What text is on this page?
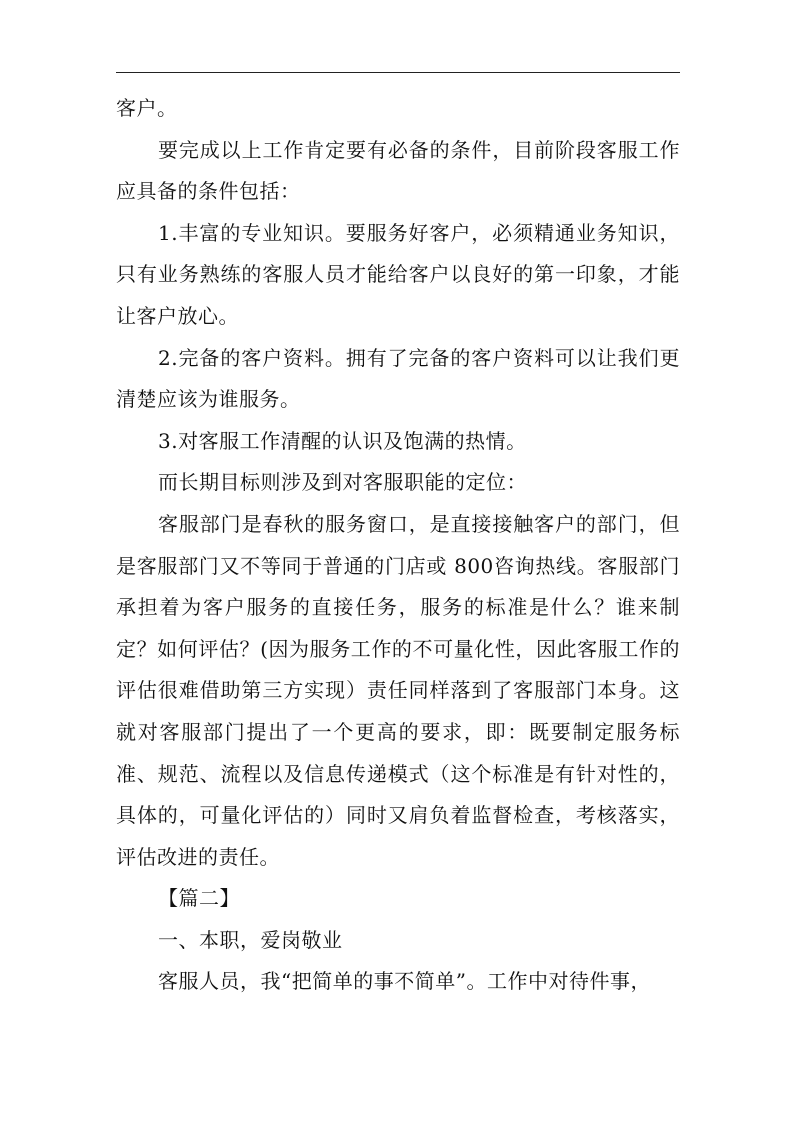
客户。

要完成以上工作肯定要有必备的条件，目前阶段客服工作应具备的条件包括：

1.丰富的专业知识。要服务好客户，必须精通业务知识，只有业务熟练的客服人员才能给客户以良好的第一印象，才能让客户放心。

2.完备的客户资料。拥有了完备的客户资料可以让我们更清楚应该为谁服务。

3.对客服工作清醒的认识及饱满的热情。

而长期目标则涉及到对客服职能的定位：

客服部门是春秋的服务窗口，是直接接触客户的部门，但是客服部门又不等同于普通的门店或 800咨询热线。客服部门承担着为客户服务的直接任务，服务的标准是什么？谁来制定？如何评估？(因为服务工作的不可量化性，因此客服工作的评估很难借助第三方实现）责任同样落到了客服部门本身。这就对客服部门提出了一个更高的要求，即：既要制定服务标准、规范、流程以及信息传递模式（这个标准是有针对性的，具体的，可量化评估的）同时又肩负着监督检查，考核落实，评估改进的责任。

【篇二】

一、本职，爱岗敬业

客服人员，我“把简单的事不简单”。工作中对待件事，
